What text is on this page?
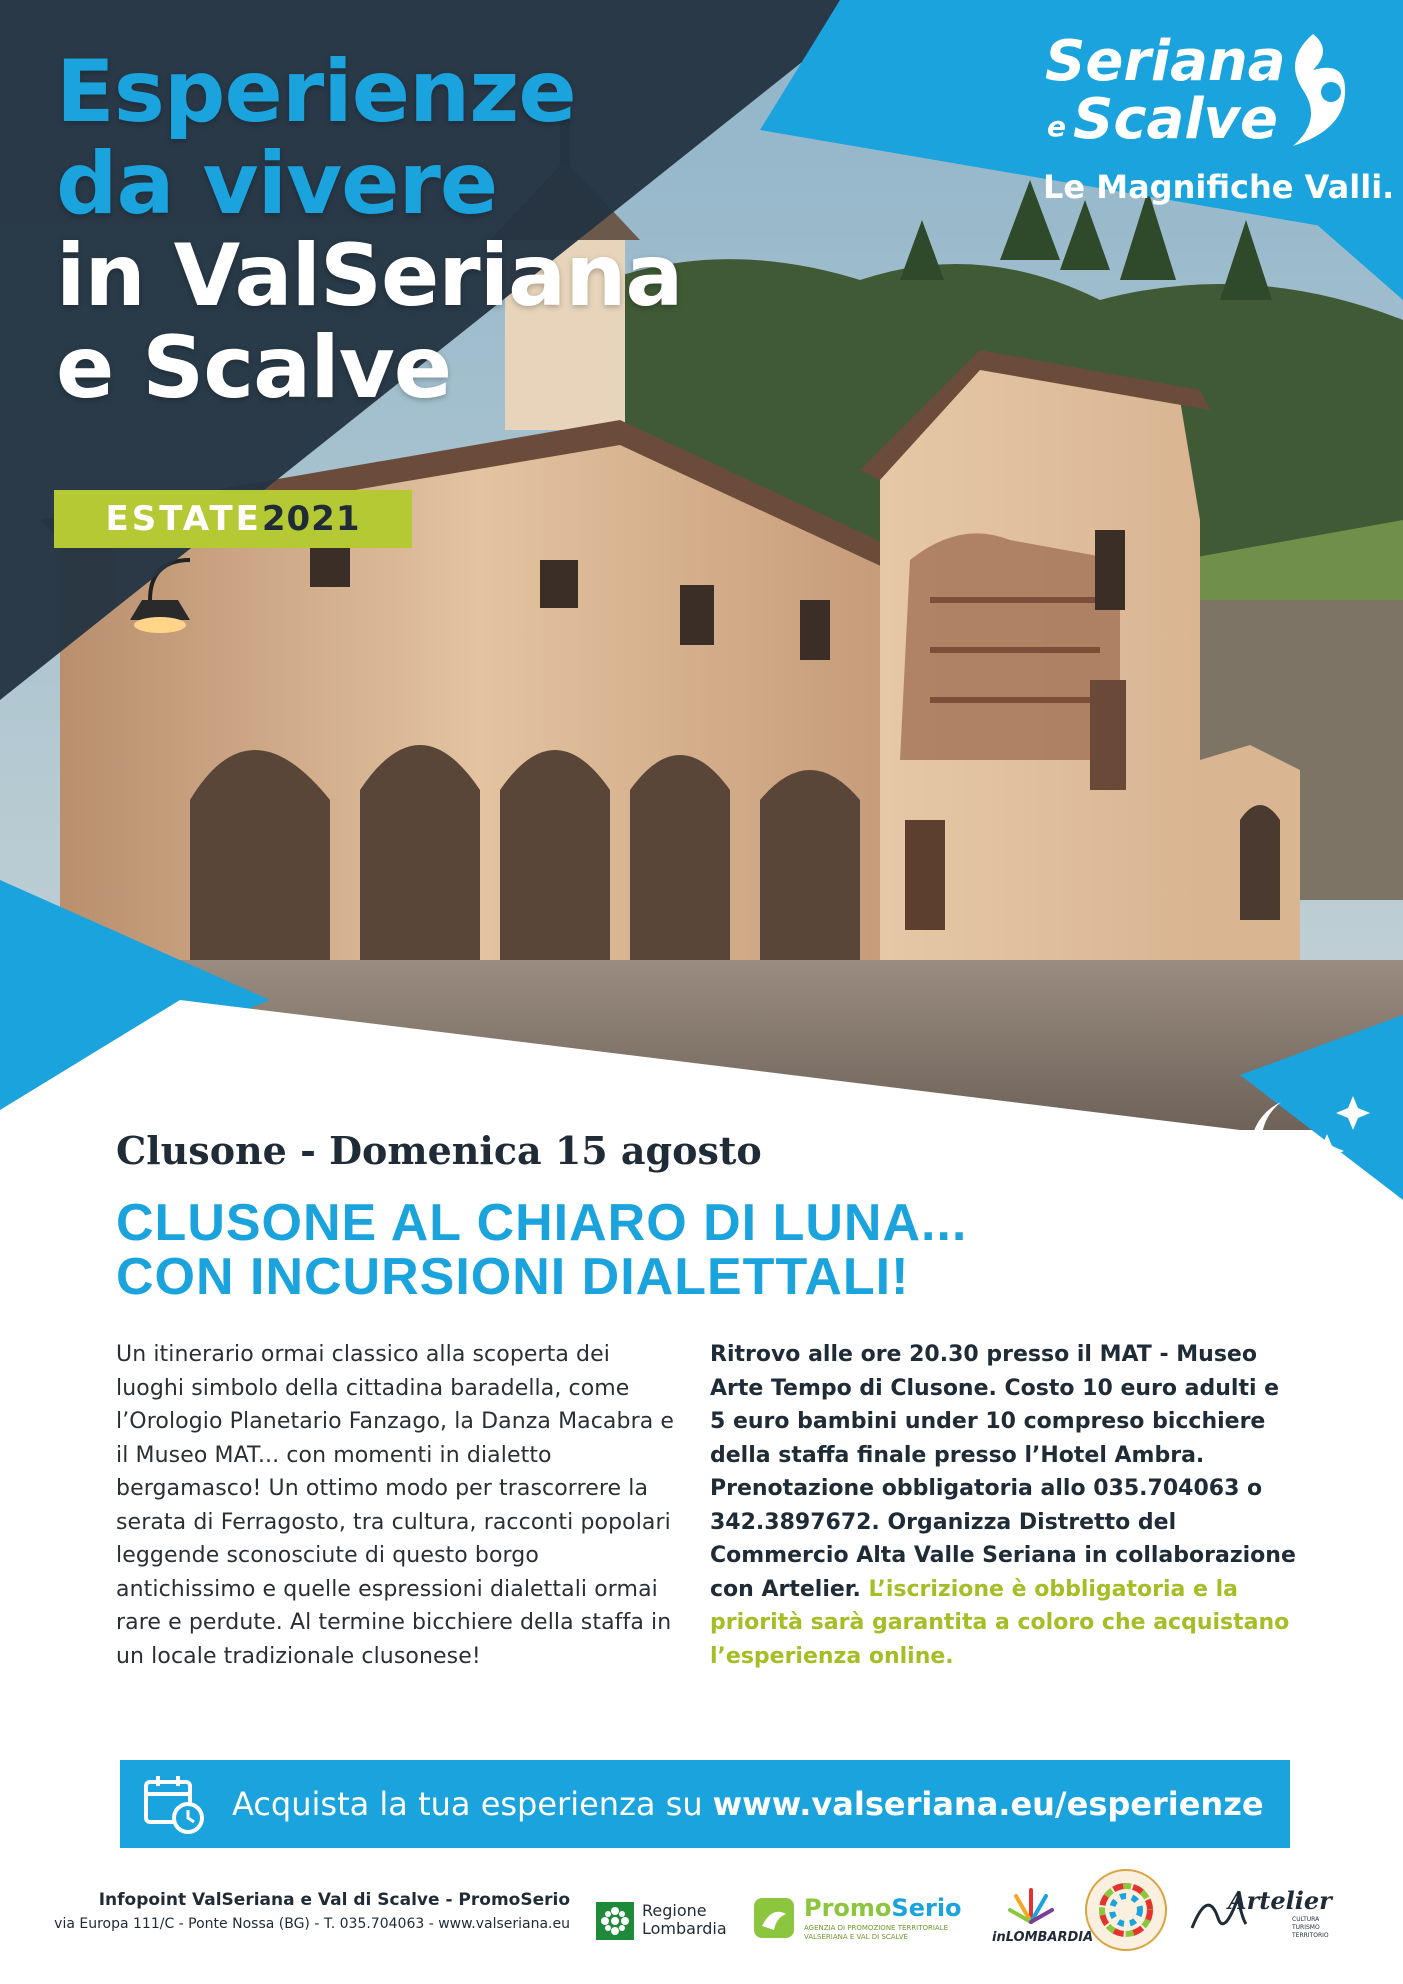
Esperienze
da vivere
in ValSeriana
e Scalve
ESTATE 2021
Seriana
e Scalve
Le Magnifiche Valli.
Clusone - Domenica 15 agosto
CLUSONE AL CHIARO DI LUNA...
CON INCURSIONI DIALETTALI!
Un itinerario ormai classico alla scoperta dei luoghi simbolo della cittadina baradella, come l’Orologio Planetario Fanzago, la Danza Macabra e il Museo MAT... con momenti in dialetto bergamasco! Un ottimo modo per trascorrere la serata di Ferragosto, tra cultura, racconti popolari leggende sconosciute di questo borgo antichissimo e quelle espressioni dialettali ormai rare e perdute. Al termine bicchiere della staffa in un locale tradizionale clusonese!
Ritrovo alle ore 20.30 presso il MAT - Museo Arte Tempo di Clusone. Costo 10 euro adulti e 5 euro bambini under 10 compreso bicchiere della staffa finale presso l’Hotel Ambra. Prenotazione obbligatoria allo 035.704063 o 342.3897672. Organizza Distretto del Commercio Alta Valle Seriana in collaborazione con Artelier. L’iscrizione è obbligatoria e la priorità sarà garantita a coloro che acquistano l’esperienza online.
Acquista la tua esperienza su www.valseriana.eu/esperienze
Infopoint ValSeriana e Val di Scalve - PromoSerio
via Europa 111/C - Ponte Nossa (BG) - T. 035.704063 - www.valseriana.eu
Regione
Lombardia
PromoSerio
AGENZIA DI PROMOZIONE TERRITORIALE
VALSERIANA E VAL DI SCALVE	inLOMBARDIA
Artelier
CULTURA TURISMO TERRITORIO
